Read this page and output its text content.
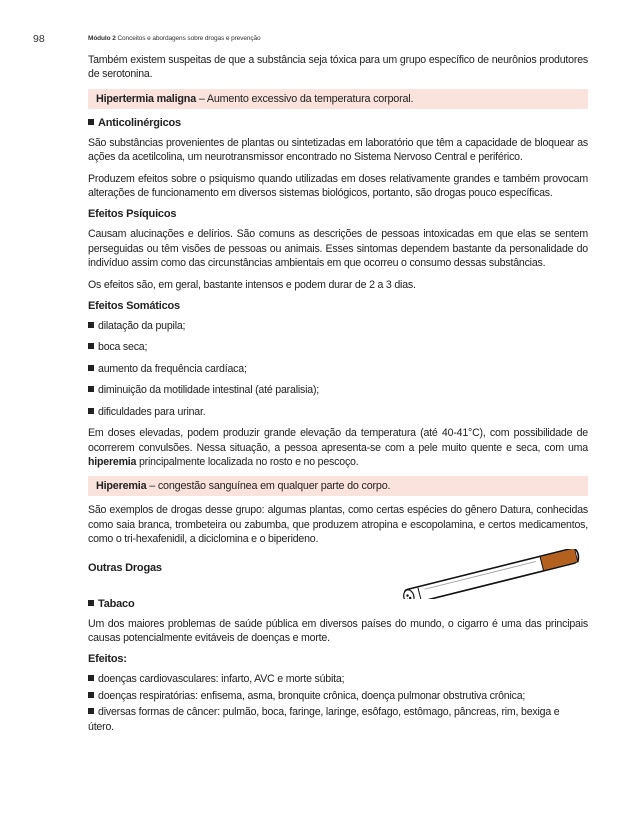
98	Módulo 2 Conceitos e abordagens sobre drogas e prevenção

Também existem suspeitas de que a substância seja tóxica para um grupo específico de neurônios produtores de serotonina.

Hipertermia maligna – Aumento excessivo da temperatura corporal.
Anticolinérgicos

São substâncias provenientes de plantas ou sintetizadas em laboratório que têm a capacidade de bloquear as ações da acetilcolina, um neurotransmissor encontrado no Sistema Nervoso Central e periférico.

Produzem efeitos sobre o psiquismo quando utilizadas em doses relativamente grandes e também provocam alterações de funcionamento em diversos sistemas biológicos, portanto, são drogas pouco específicas.

Efeitos Psíquicos

Causam alucinações e delírios. São comuns as descrições de pessoas intoxicadas em que elas se sentem perseguidas ou têm visões de pessoas ou animais. Esses sintomas dependem bastante da personalidade do indivíduo assim como das circunstâncias ambientais em que ocorreu o consumo dessas substâncias.

Os efeitos são, em geral, bastante intensos e podem durar de 2 a 3 dias.

Efeitos Somáticos
dilatação da pupila;
boca seca;
aumento da frequência cardíaca;
diminuição da motilidade intestinal (até paralisia);
dificuldades para urinar.

Em doses elevadas, podem produzir grande elevação da temperatura (até 40-41°C), com possibilidade de ocorrerem convulsões. Nessa situação, a pessoa apresenta-se com a pele muito quente e seca, com uma hiperemia principalmente localizada no rosto e no pescoço.

Hiperemia – congestão sanguínea em qualquer parte do corpo.

São exemplos de drogas desse grupo: algumas plantas, como certas espécies do gênero Datura, conhecidas como saia branca, trombeteira ou zabumba, que produzem atropina e escopolamina, e certos medicamentos, como o tri-hexafenidil, a diciclomina e o biperideno.

Outras Drogas
Tabaco

Um dos maiores problemas de saúde pública em diversos países do mundo, o cigarro é uma das principais causas potencialmente evitáveis de doenças e morte.

Efeitos:
doenças cardiovasculares: infarto, AVC e morte súbita;
doenças respiratórias: enfisema, asma, bronquite crônica, doença pulmonar obstrutiva crônica;
diversas formas de câncer: pulmão, boca, faringe, laringe, esôfago, estômago, pâncreas, rim, bexiga e útero.
